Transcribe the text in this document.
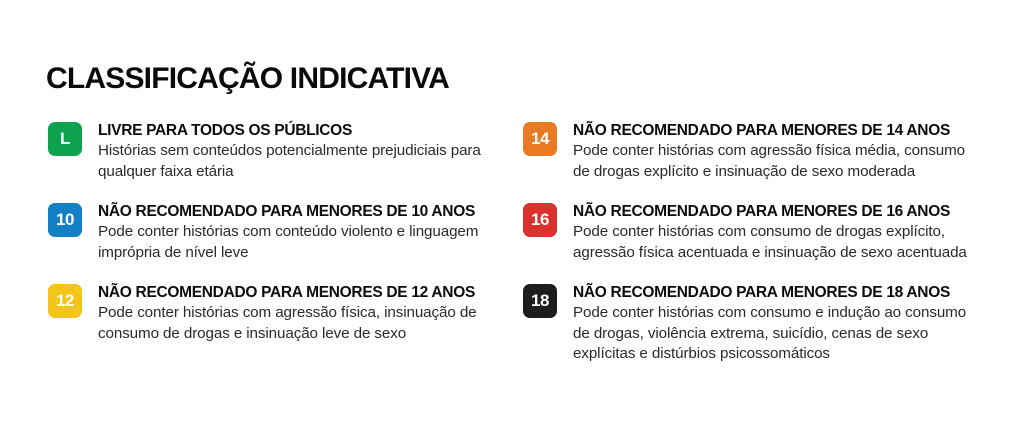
CLASSIFICAÇÃO INDICATIVA
L	LIVRE PARA TODOS OS PÚBLICOS
Histórias sem conteúdos potencialmente prejudiciais para qualquer faixa etária
10	NÃO RECOMENDADO PARA MENORES DE 10 ANOS
Pode conter histórias com conteúdo violento e linguagem imprópria de nível leve
12	NÃO RECOMENDADO PARA MENORES DE 12 ANOS
Pode conter histórias com agressão física, insinuação de consumo de drogas e insinuação leve de sexo
14	NÃO RECOMENDADO PARA MENORES DE 14 ANOS
Pode conter histórias com agressão física média, consumo de drogas explícito e insinuação de sexo moderada
16	NÃO RECOMENDADO PARA MENORES DE 16 ANOS
Pode conter histórias com consumo de drogas explícito, agressão física acentuada e insinuação de sexo acentuada
18	NÃO RECOMENDADO PARA MENORES DE 18 ANOS
Pode conter histórias com consumo e indução ao consumo de drogas, violência extrema, suicídio, cenas de sexo explícitas e distúrbios psicossomáticos
